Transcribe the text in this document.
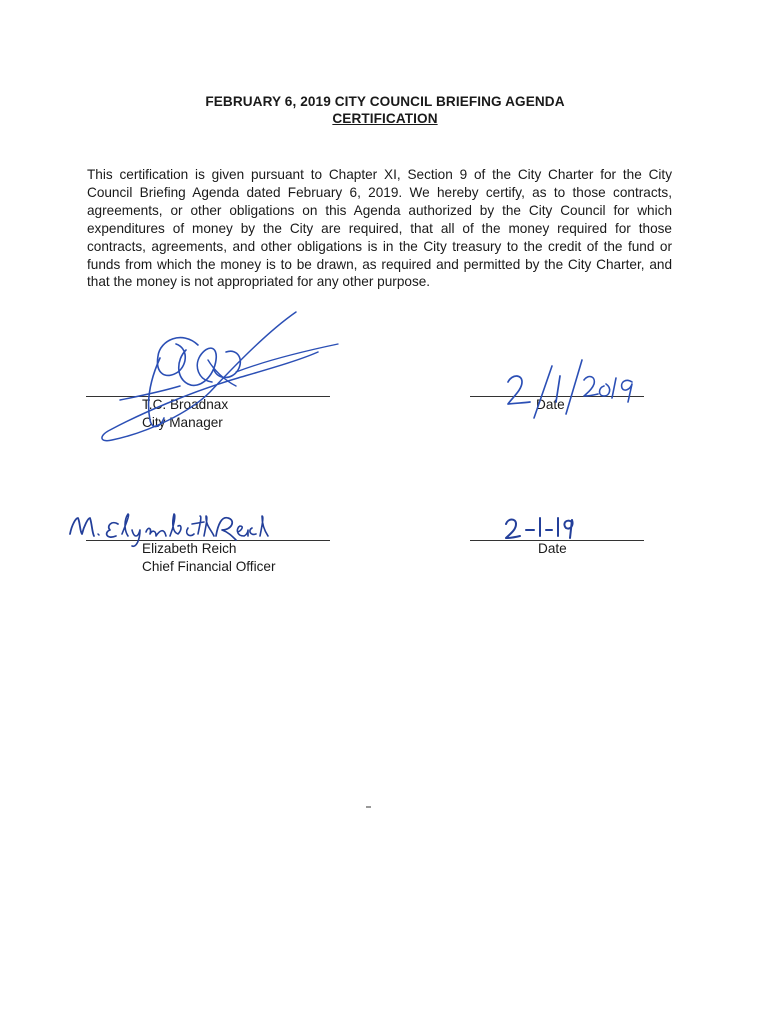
FEBRUARY 6, 2019 CITY COUNCIL BRIEFING AGENDA
CERTIFICATION
This certification is given pursuant to Chapter XI, Section 9 of the City Charter for the City Council Briefing Agenda dated February 6, 2019. We hereby certify, as to those contracts, agreements, or other obligations on this Agenda authorized by the City Council for which expenditures of money by the City are required, that all of the money required for those contracts, agreements, and other obligations is in the City treasury to the credit of the fund or funds from which the money is to be drawn, as required and permitted by the City Charter, and that the money is not appropriated for any other purpose.
T.C. Broadnax
City Manager
Date
Elizabeth Reich
Chief Financial Officer
Date
